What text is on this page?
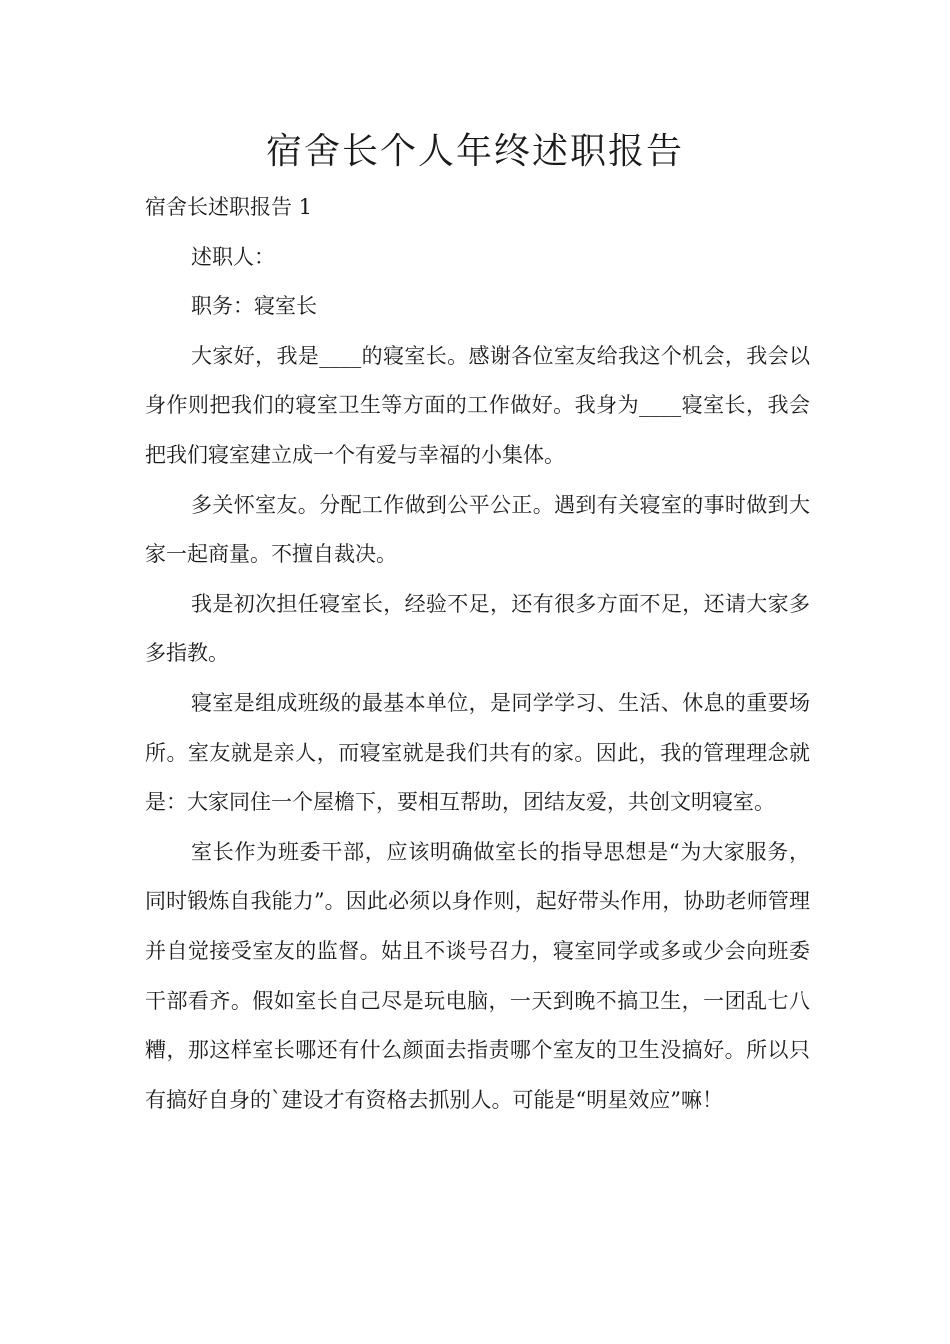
宿舍长个人年终述职报告

宿舍长述职报告 1

述职人：

职务：寝室长

大家好，我是____的寝室长。感谢各位室友给我这个机会，我会以身作则把我们的寝室卫生等方面的工作做好。我身为____寝室长，我会把我们寝室建立成一个有爱与幸福的小集体。

多关怀室友。分配工作做到公平公正。遇到有关寝室的事时做到大家一起商量。不擅自裁决。

我是初次担任寝室长，经验不足，还有很多方面不足，还请大家多多指教。

寝室是组成班级的最基本单位，是同学学习、生活、休息的重要场所。室友就是亲人，而寝室就是我们共有的家。因此，我的管理理念就是：大家同住一个屋檐下，要相互帮助，团结友爱，共创文明寝室。

室长作为班委干部，应该明确做室长的指导思想是“为大家服务，同时锻炼自我能力”。因此必须以身作则，起好带头作用，协助老师管理并自觉接受室友的监督。姑且不谈号召力，寝室同学或多或少会向班委干部看齐。假如室长自己尽是玩电脑，一天到晚不搞卫生，一团乱七八糟，那这样室长哪还有什么颜面去指责哪个室友的卫生没搞好。所以只有搞好自身的`建设才有资格去抓别人。可能是“明星效应”嘛！
